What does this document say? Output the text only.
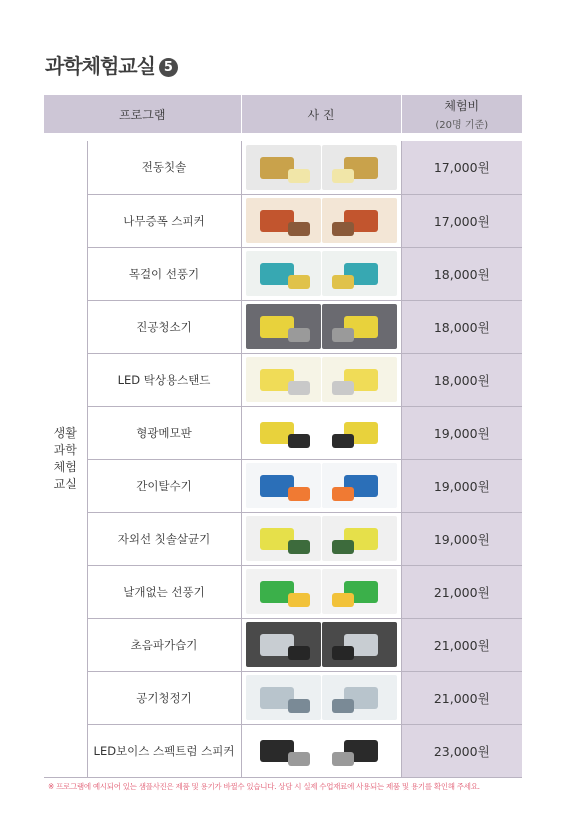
과학체험교실 5
프로그램		사 진	체험비
(20명 기준)

생활
과학
체험
교실	전동칫솔		17,000원
	나무증폭 스피커		17,000원
	목걸이 선풍기		18,000원
	진공청소기		18,000원
	LED 탁상용스탠드		18,000원
	형광메모판		19,000원
	간이탈수기		19,000원
	자외선 칫솔살균기		19,000원
	날개없는 선풍기		21,000원
	초음파가습기		21,000원
	공기청정기		21,000원
	LED보이스 스펙트럼 스피커		23,000원
※ 프로그램에 예시되어 있는 샘플사진은 제품 및 용기가 바뀔수 있습니다. 상담 시 실제 수업재료에 사용되는 제품 및 용기를 확인해 주세요.
